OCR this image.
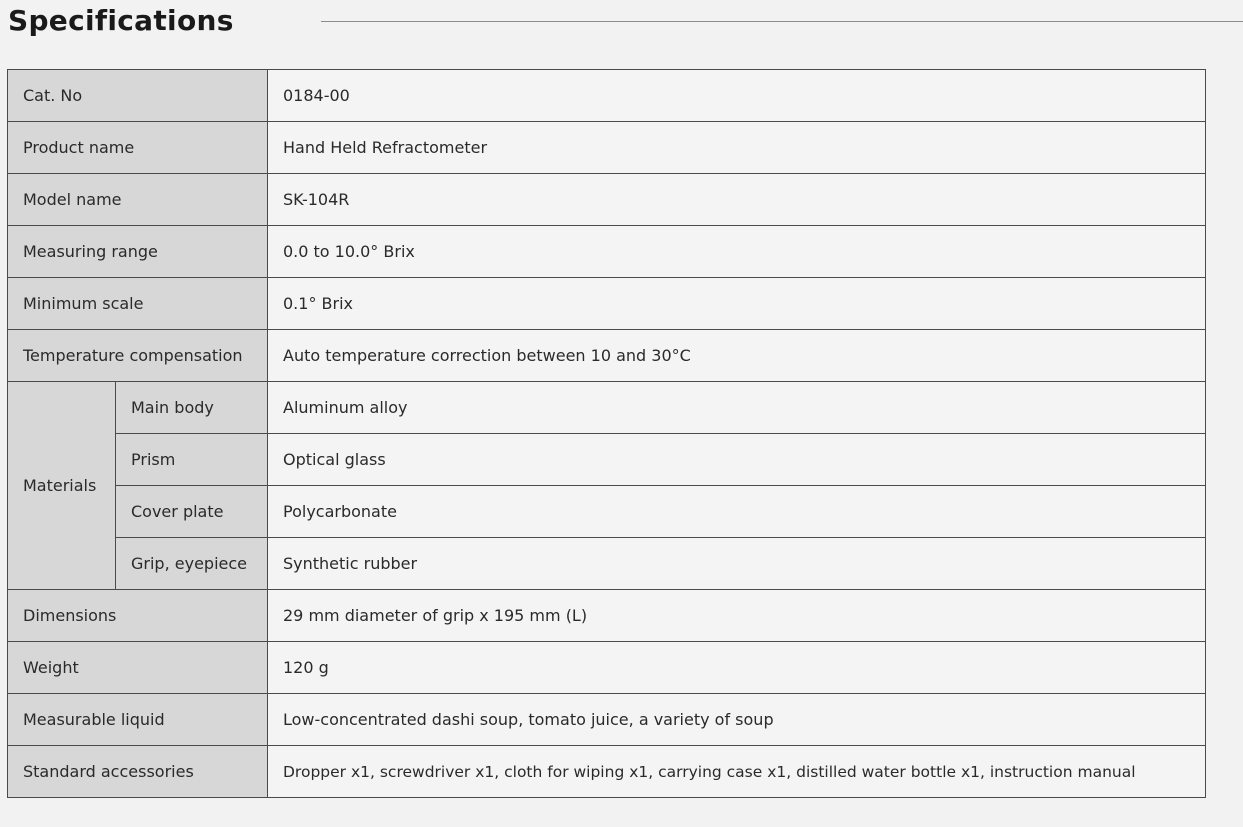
Specifications
Cat. No		0184-00
Product name		Hand Held Refractometer
Model name		SK-104R
Measuring range		0.0 to 10.0° Brix
Minimum scale		0.1° Brix
Temperature compensation		Auto temperature correction between 10 and 30°C
Materials	Main body	Aluminum alloy
	Prism	Optical glass
	Cover plate	Polycarbonate
	Grip, eyepiece	Synthetic rubber
Dimensions		29 mm diameter of grip x 195 mm (L)
Weight		120 g
Measurable liquid		Low-concentrated dashi soup, tomato juice, a variety of soup
Standard accessories		Dropper x1, screwdriver x1, cloth for wiping x1, carrying case x1, distilled water bottle x1, instruction manual
